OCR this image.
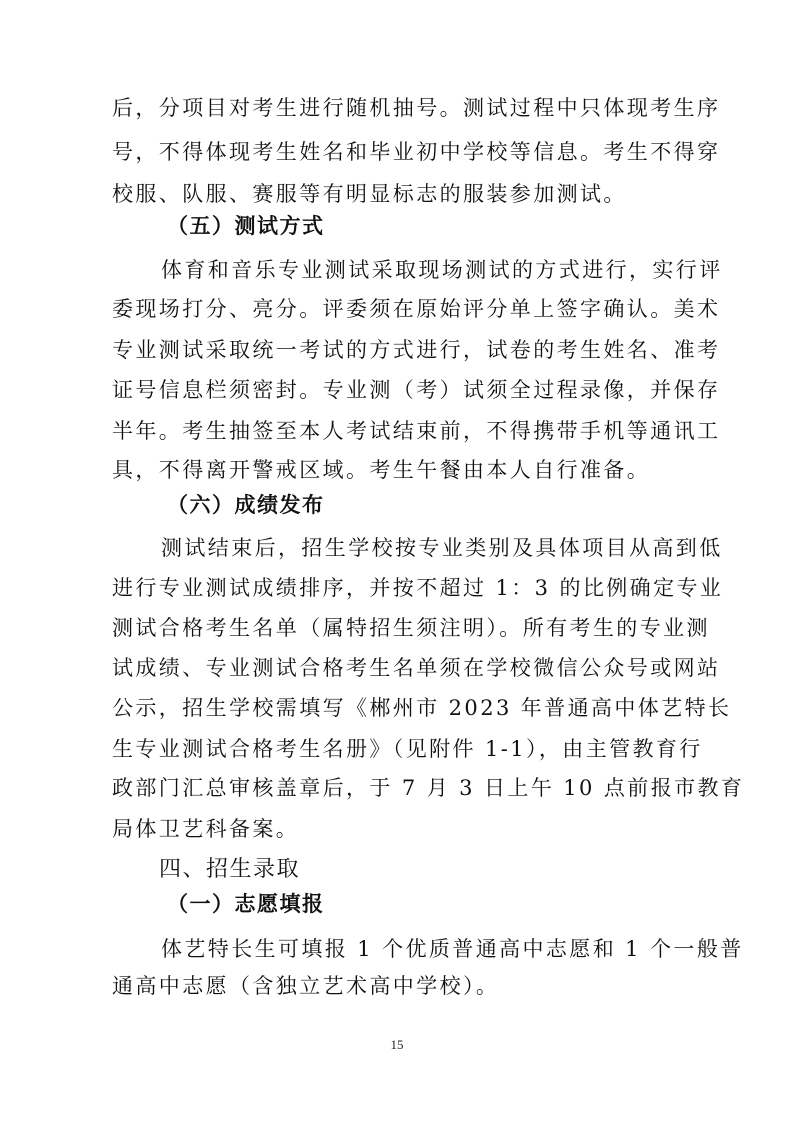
后，分项目对考生进行随机抽号。测试过程中只体现考生序
号，不得体现考生姓名和毕业初中学校等信息。考生不得穿
校服、队服、赛服等有明显标志的服装参加测试。
（五）测试方式
体育和音乐专业测试采取现场测试的方式进行，实行评
委现场打分、亮分。评委须在原始评分单上签字确认。美术
专业测试采取统一考试的方式进行，试卷的考生姓名、准考
证号信息栏须密封。专业测（考）试须全过程录像，并保存
半年。考生抽签至本人考试结束前，不得携带手机等通讯工
具，不得离开警戒区域。考生午餐由本人自行准备。
（六）成绩发布
测试结束后，招生学校按专业类别及具体项目从高到低
进行专业测试成绩排序，并按不超过 1：3 的比例确定专业
测试合格考生名单（属特招生须注明）。所有考生的专业测
试成绩、专业测试合格考生名单须在学校微信公众号或网站
公示，招生学校需填写《郴州市 2023 年普通高中体艺特长
生专业测试合格考生名册》（见附件 1-1），由主管教育行
政部门汇总审核盖章后，于 7 月 3 日上午 10 点前报市教育
局体卫艺科备案。
四、招生录取
（一）志愿填报
体艺特长生可填报 1 个优质普通高中志愿和 1 个一般普
通高中志愿（含独立艺术高中学校）。
15
